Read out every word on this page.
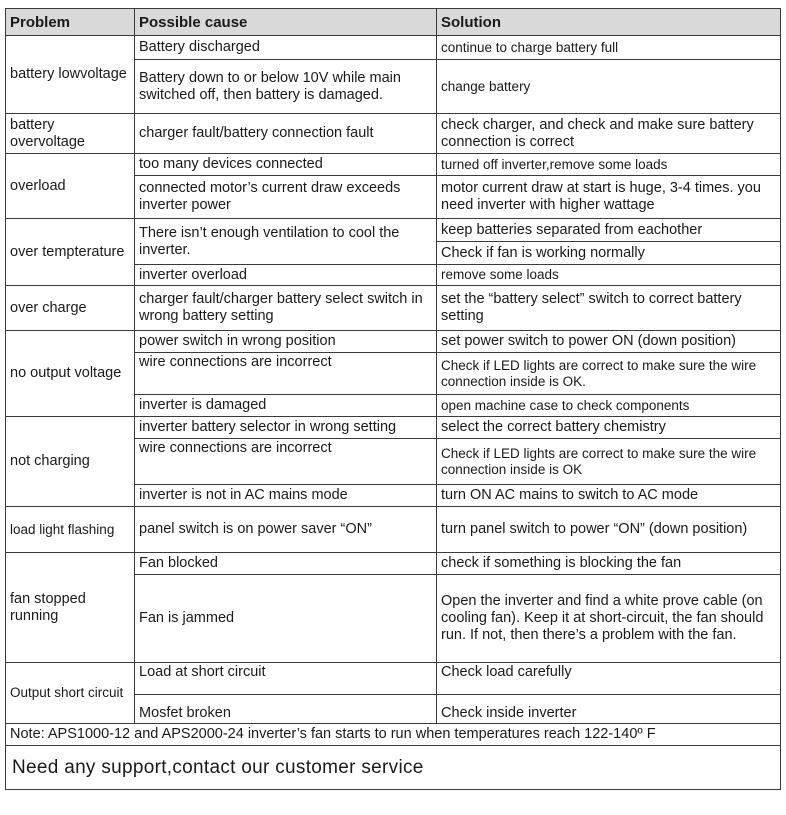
Problem	Possible cause	Solution
battery lowvoltage	Battery discharged	continue to charge battery full
	Battery down to or below 10V while main switched off, then battery is damaged.	change battery
battery overvoltage	charger fault/battery connection fault	check charger, and check and make sure battery connection is correct
overload	too many devices connected	turned off inverter,remove some loads
	connected motor’s current draw exceeds inverter power	motor current draw at start is huge, 3-4 times. you need inverter with higher wattage
over tempterature	There isn’t enough ventilation to cool the inverter.	keep batteries separated from eachother
		Check if fan is working normally
	inverter overload	remove some loads
over charge	charger fault/charger battery select switch in wrong battery setting	set the “battery select” switch to correct battery setting
no output voltage	power switch in wrong position	set power switch to power ON (down position)
	wire connections are incorrect	Check if LED lights are correct to make sure the wire connection inside is OK.
	inverter is damaged	open machine case to check components
not charging	inverter battery selector in wrong setting	select the correct battery chemistry
	wire connections are incorrect	Check if LED lights are correct to make sure the wire connection inside is OK
	inverter is not in AC mains mode	turn ON AC mains to switch to AC mode
load light flashing	panel switch is on power saver “ON”	turn panel switch to power “ON” (down position)
fan stopped running	Fan blocked	check if something is blocking the fan
	Fan is jammed	Open the inverter and find a white prove cable (on cooling fan). Keep it at short-circuit, the fan should run. If not, then there’s a problem with the fan.
Output short circuit	Load at short circuit	Check load carefully
	Mosfet broken	Check inside inverter
Note: APS1000-12 and APS2000-24 inverter’s fan starts to run when temperatures reach 122-140º F		
Need any support,contact our customer service		
